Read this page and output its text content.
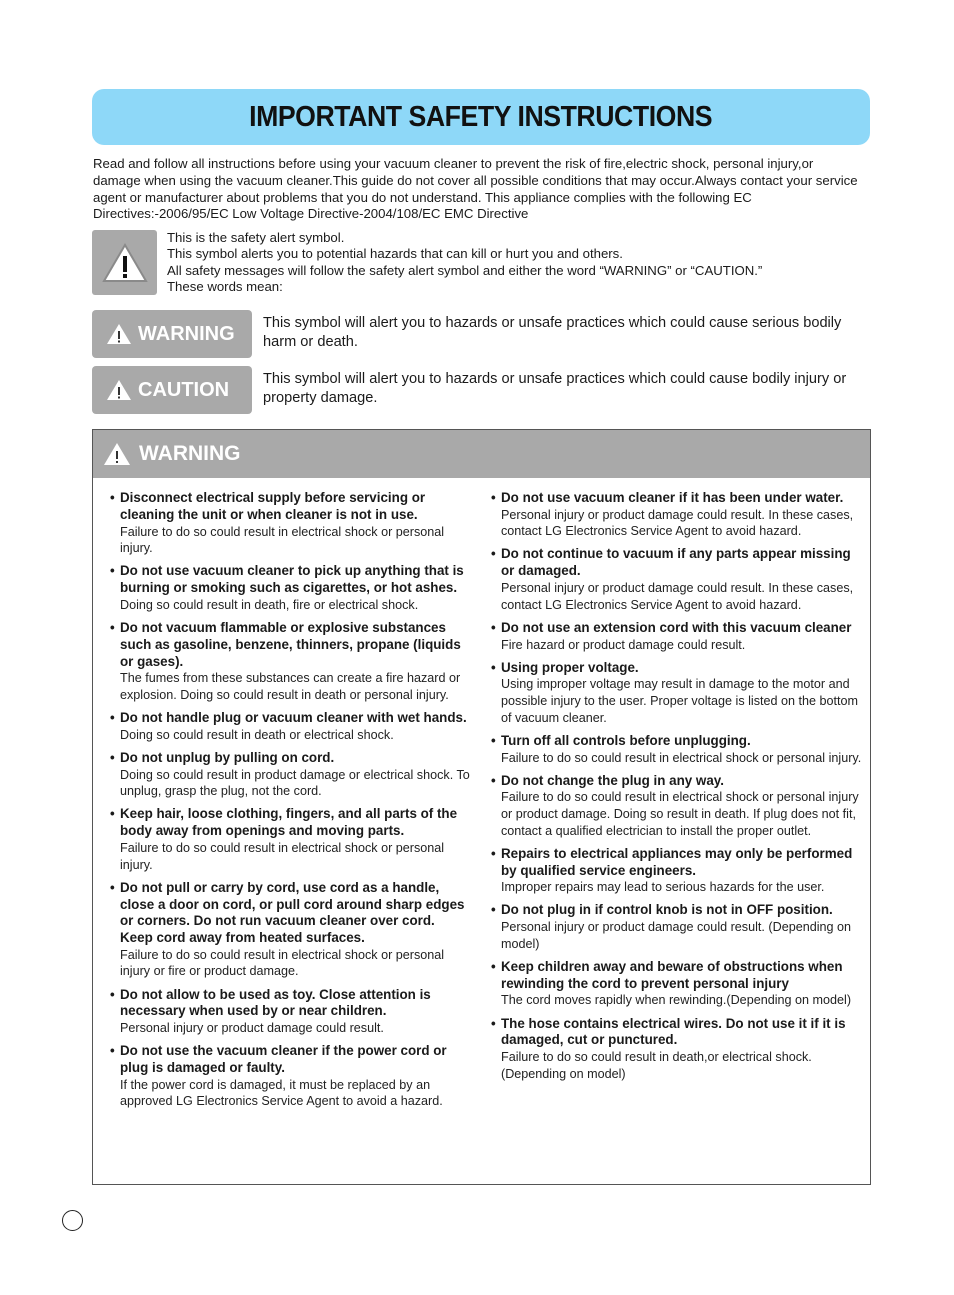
IMPORTANT SAFETY INSTRUCTIONS

Read and follow all instructions before using your vacuum cleaner to prevent the risk of fire,electric shock, personal injury,or damage when using the vacuum cleaner.This guide do not cover all possible conditions that may occur.Always contact your service agent or manufacturer about problems that you do not understand. This appliance complies with the following EC Directives:-2006/95/EC Low Voltage Directive-2004/108/EC EMC Directive

This is the safety alert symbol.
This symbol alerts you to potential hazards that can kill or hurt you and others.
All safety messages will follow the safety alert symbol and either the word “WARNING” or “CAUTION.”
These words mean:
WARNING This symbol will alert you to hazards or unsafe practices which could cause serious bodily harm or death.
CAUTION This symbol will alert you to hazards or unsafe practices which could cause bodily injury or property damage.
WARNING
• Disconnect electrical supply before servicing or cleaning the unit or when cleaner is not in use.
Failure to do so could result in electrical shock or personal injury.
• Do not use vacuum cleaner to pick up anything that is burning or smoking such as cigarettes, or hot ashes.
Doing so could result in death, fire or electrical shock.
• Do not vacuum flammable or explosive substances such as gasoline, benzene, thinners, propane (liquids or gases).
The fumes from these substances can create a fire hazard or explosion. Doing so could result in death or personal injury.
• Do not handle plug or vacuum cleaner with wet hands.
Doing so could result in death or electrical shock.
• Do not unplug by pulling on cord.
Doing so could result in product damage or electrical shock. To unplug, grasp the plug, not the cord.
• Keep hair, loose clothing, fingers, and all parts of the body away from openings and moving parts.
Failure to do so could result in electrical shock or personal injury.
• Do not pull or carry by cord, use cord as a handle, close a door on cord, or pull cord around sharp edges or corners. Do not run vacuum cleaner over cord. Keep cord away from heated surfaces.
Failure to do so could result in electrical shock or personal injury or fire or product damage.
• Do not allow to be used as toy. Close attention is necessary when used by or near children.
Personal injury or product damage could result.
• Do not use the vacuum cleaner if the power cord or plug is damaged or faulty.
If the power cord is damaged, it must be replaced by an approved LG Electronics Service Agent to avoid a hazard.
• Do not use vacuum cleaner if it has been under water.
Personal injury or product damage could result. In these cases, contact LG Electronics Service Agent to avoid hazard.
• Do not continue to vacuum if any parts appear missing or damaged.
Personal injury or product damage could result. In these cases, contact LG Electronics Service Agent to avoid hazard.
• Do not use an extension cord with this vacuum cleaner
Fire hazard or product damage could result.
• Using proper voltage.
Using improper voltage may result in damage to the motor and possible injury to the user. Proper voltage is listed on the bottom of vacuum cleaner.
• Turn off all controls before unplugging.
Failure to do so could result in electrical shock or personal injury.
• Do not change the plug in any way.
Failure to do so could result in electrical shock or personal injury or product damage. Doing so result in death. If plug does not fit, contact a qualified electrician to install the proper outlet.
• Repairs to electrical appliances may only be performed by qualified service engineers.
Improper repairs may lead to serious hazards for the user.
• Do not plug in if control knob is not in OFF position.
Personal injury or product damage could result. (Depending on model)
• Keep children away and beware of obstructions when rewinding the cord to prevent personal injury
The cord moves rapidly when rewinding.(Depending on model)
• The hose contains electrical wires. Do not use it if it is damaged, cut or punctured.
Failure to do so could result in death,or electrical shock. (Depending on model)
